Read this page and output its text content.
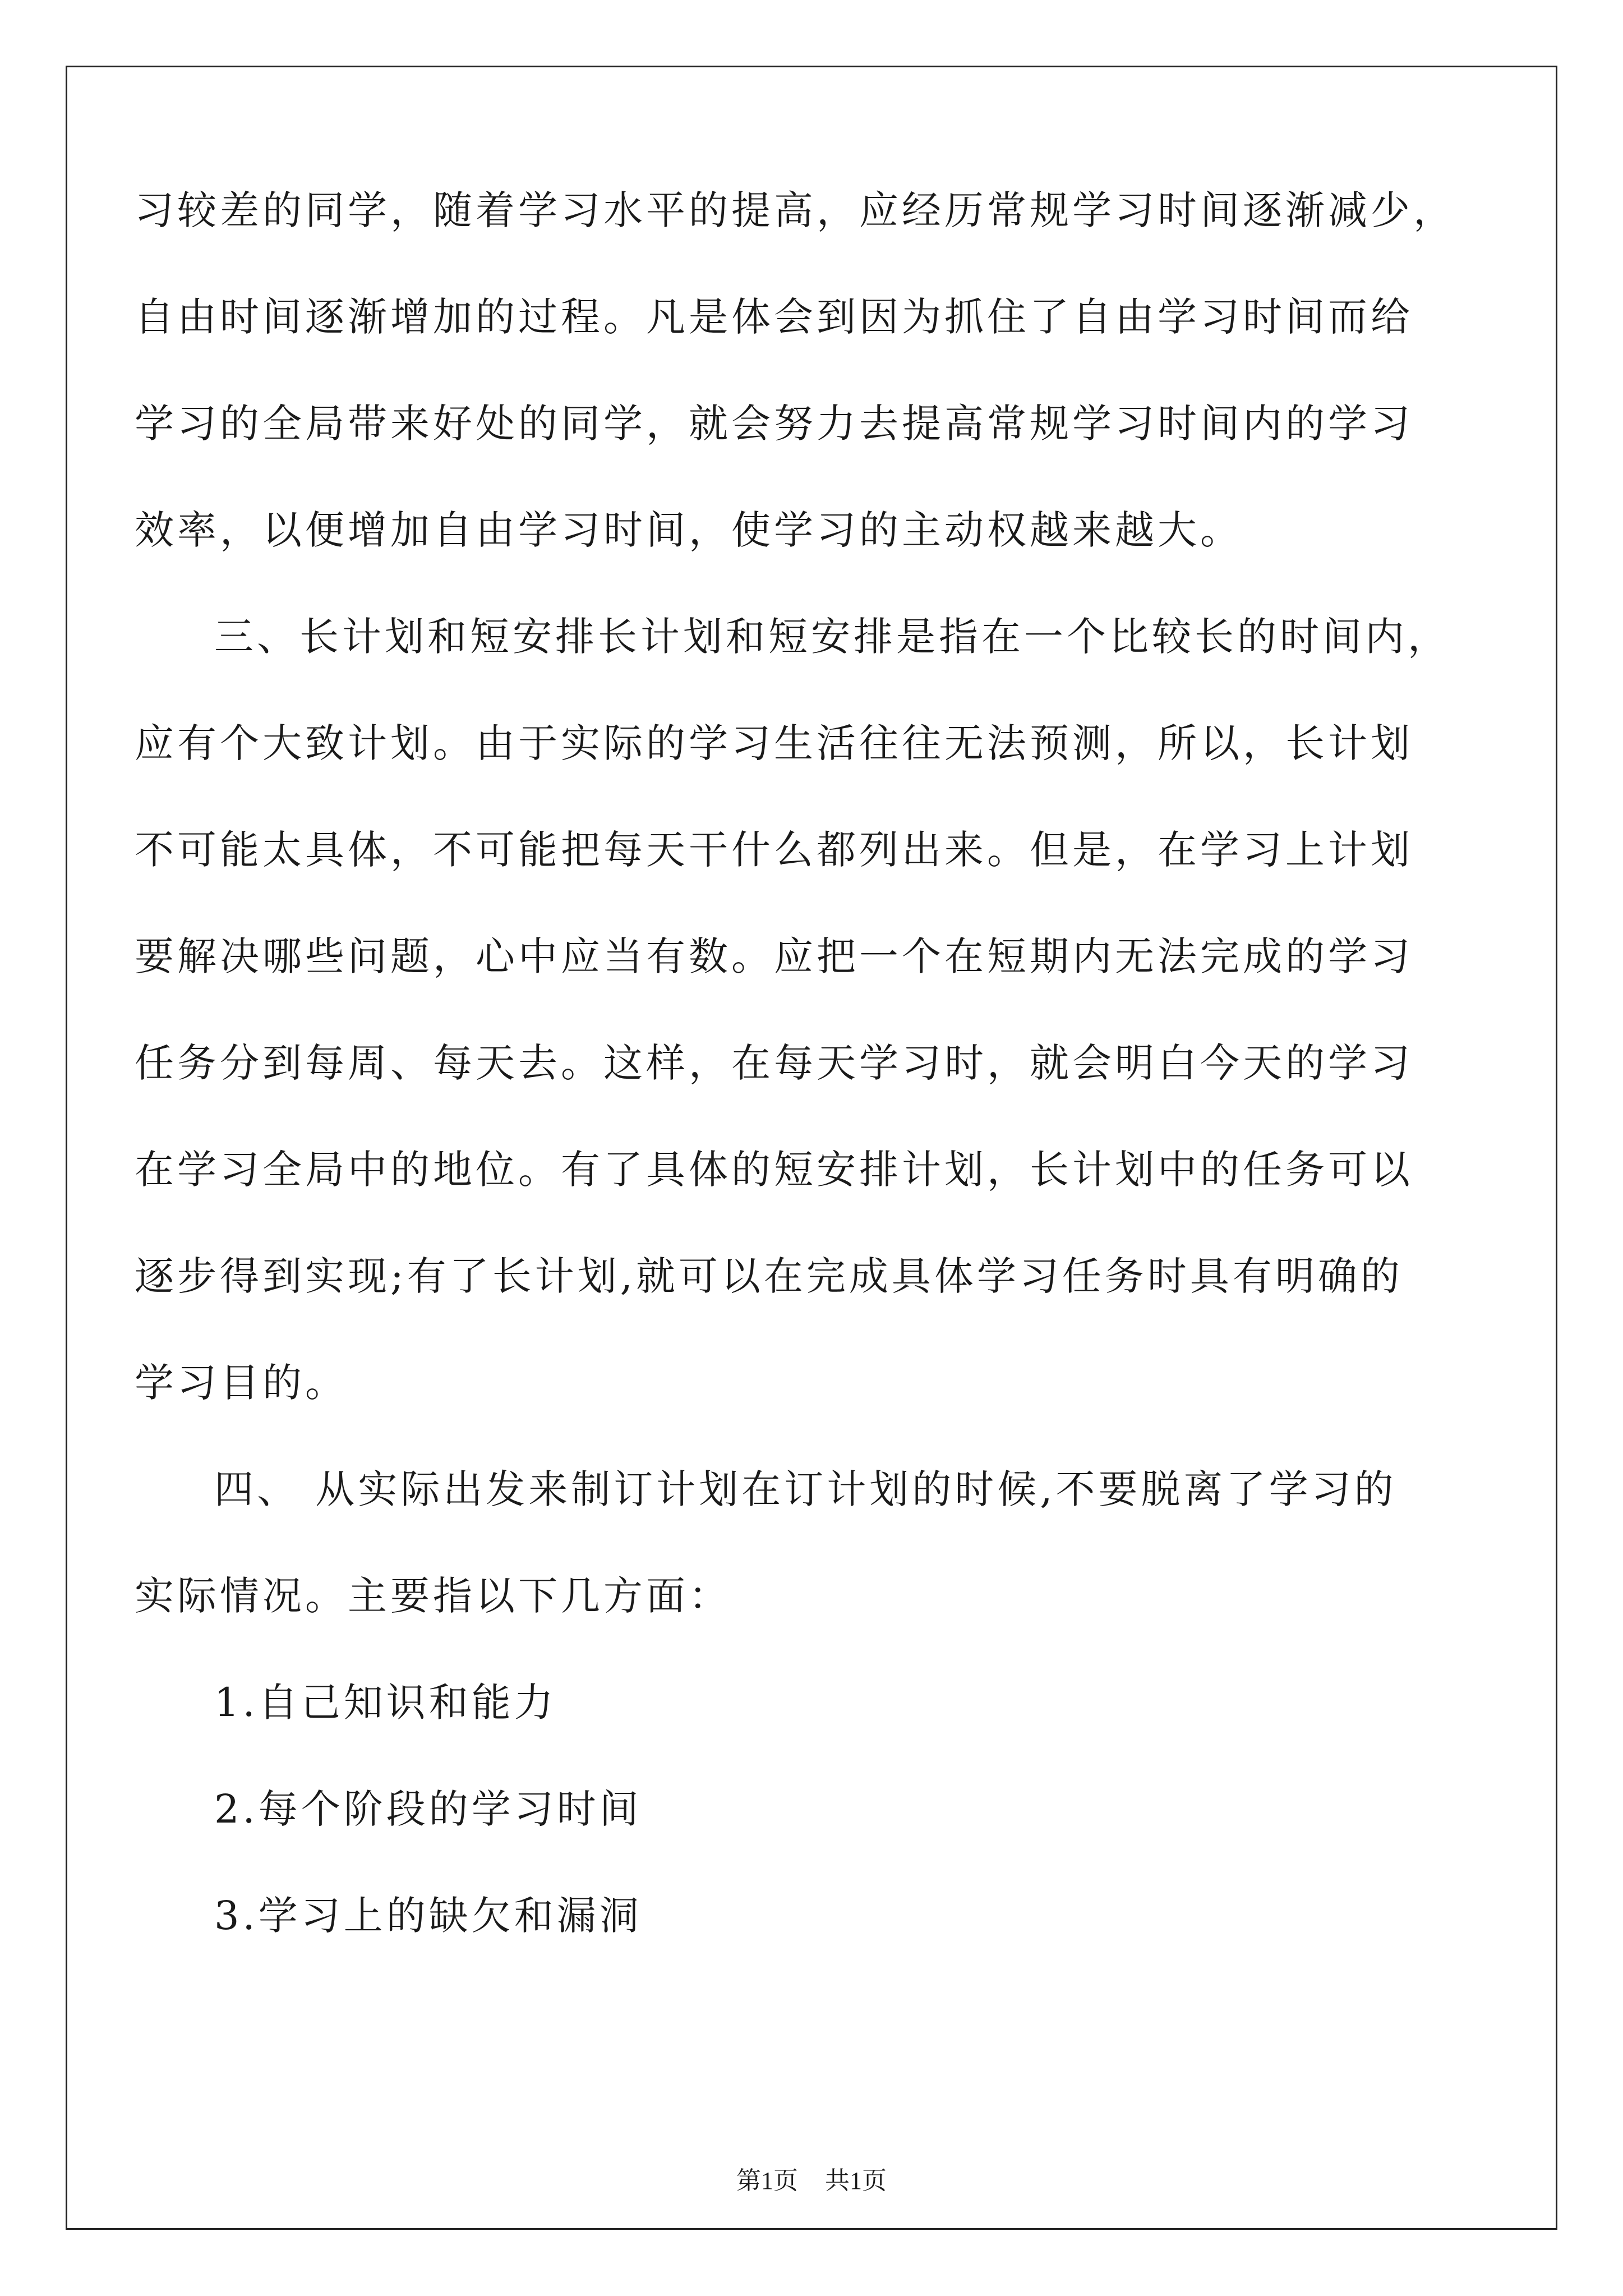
习较差的同学，随着学习水平的提高，应经历常规学习时间逐渐减少，
自由时间逐渐增加的过程。凡是体会到因为抓住了自由学习时间而给
学习的全局带来好处的同学，就会努力去提高常规学习时间内的学习
效率，以便增加自由学习时间，使学习的主动权越来越大。
三、长计划和短安排长计划和短安排是指在一个比较长的时间内，
应有个大致计划。由于实际的学习生活往往无法预测，所以，长计划
不可能太具体，不可能把每天干什么都列出来。但是，在学习上计划
要解决哪些问题，心中应当有数。应把一个在短期内无法完成的学习
任务分到每周、每天去。这样，在每天学习时，就会明白今天的学习
在学习全局中的地位。有了具体的短安排计划，长计划中的任务可以
逐步得到实现;有了长计划,就可以在完成具体学习任务时具有明确的
学习目的。
四、 从实际出发来制订计划在订计划的时候,不要脱离了学习的
实际情况。主要指以下几方面：
1.自己知识和能力
2.每个阶段的学习时间
3.学习上的缺欠和漏洞
第1页 共1页
